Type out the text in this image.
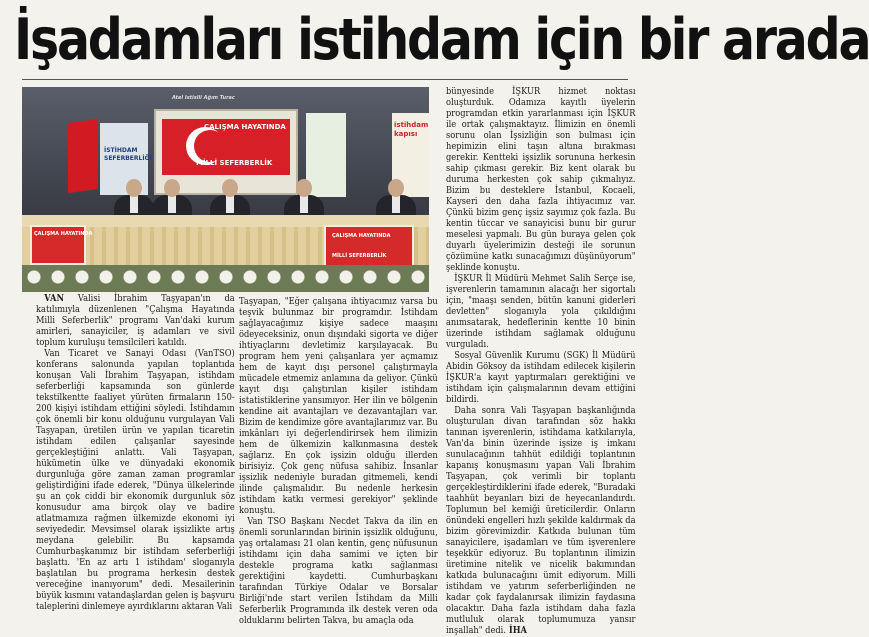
İşadamları istihdam için bir arada
İSTİHDAM SEFERBERLİĞİ
ÇALIŞMA HAYATINDA
MİLLİ SEFERBERLİK
istihdam kapısı
ÇALIŞMA HAYATINDA	ÇALIŞMA HAYATINDA
MİLLİ SEFERBERLİK
Atel Istislli Ağım Turac

VAN Valisi İbrahim Taşyapan'ın da katılımıyla düzenlenen "Çalışma Hayatında Milli Seferberlik" programı Van'daki kurum amirleri, sanayiciler, iş adamları ve sivil toplum kuruluşu temsilcileri katıldı.

Van Ticaret ve Sanayi Odası (VanTSO) konferans salonunda yapılan toplantıda konuşan Vali İbrahim Taşyapan, istihdam seferberliği kapsamında son günlerde tekstilkentte faaliyet yürüten firmaların 150-200 kişiyi istihdam ettiğini söyledi. İstihdamın çok önemli bir konu olduğunu vurgulayan Vali Taşyapan, üretilen ürün ve yapılan ticaretin istihdam edilen çalışanlar sayesinde gerçekleştiğini anlattı. Vali Taşyapan, hükümetin ülke ve dünyadaki ekonomik durgunluğa göre zaman zaman programlar geliştirdiğini ifade ederek, "Dünya ülkelerinde şu an çok ciddi bir ekonomik durgunluk söz konusudur ama birçok olay ve badire atlatmamıza rağmen ülkemizde ekonomi iyi seviyededir. Mevsimsel olarak işsizlikte artış meydana gelebilir. Bu kapsamda Cumhurbaşkanımız bir istihdam seferberliği başlattı. 'En az artı 1 istihdam' sloganıyla başlatılan bu programa herkesin destek vereceğine inanıyorum" dedi. Mesailerinin büyük kısmını vatandaşlardan gelen iş başvuru taleplerini dinlemeye ayırdıklarını aktaran Vali

Taşyapan, "Eğer çalışana ihtiyacımız varsa bu teşvik bulunmaz bir programdır. İstihdam sağlayacağımız kişiye sadece maaşını ödeyeceksiniz, onun dışındaki sigorta ve diğer ihtiyaçlarını devletimiz karşılayacak. Bu program hem yeni çalışanlara yer açmamız hem de kayıt dışı personel çalıştırmayla mücadele etmemiz anlamına da geliyor. Çünkü kayıt dışı çalıştırılan kişiler istihdam istatistiklerine yansımıyor. Her ilin ve bölgenin kendine ait avantajları ve dezavantajları var. Bizim de kendimize göre avantajlarımız var. Bu imkânları iyi değerlendirirsek hem ilimizin hem de ülkemizin kalkınmasına destek sağlarız. En çok işsizin olduğu illerden birisiyiz. Çok genç nüfusa sahibiz. İnsanlar işsizlik nedeniyle buradan gitmemeli, kendi ilinde çalışmalıdır. Bu nedenle herkesin istihdam katkı vermesi gerekiyor" şeklinde konuştu.

Van TSO Başkanı Necdet Takva da ilin en önemli sorunlarından birinin işsizlik olduğunu, yaş ortalaması 21 olan kentin, genç nüfusunun istihdamı için daha samimi ve içten bir destekle programa katkı sağlanması gerektiğini kaydetti. Cumhurbaşkanı tarafından Türkiye Odalar ve Borsalar Birliği'nde start verilen İstihdam da Milli Seferberlik Programında ilk destek veren oda olduklarını belirten Takva, bu amaçla oda

bünyesinde İŞKUR hizmet noktası oluşturduk. Odamıza kayıtlı üyelerin programdan etkin yararlanması için İŞKUR ile ortak çalışmaktayız. İlimizin en önemli sorunu olan İşsizliğin son bulması için hepimizin elini taşın altına bırakması gerekir. Kentteki işsizlik sorununa herkesin sahip çıkması gerekir. Biz kent olarak bu duruma herkesten çok sahip çıkmalıyız. Bizim bu desteklere İstanbul, Kocaeli, Kayseri den daha fazla ihtiyacımız var. Çünkü bizim genç işsiz sayımız çok fazla. Bu kentin tüccar ve sanayicisi bunu bir gurur meselesi yapmalı. Bu gün buraya gelen çok duyarlı üyelerimizin desteği ile sorunun çözümüne katkı sunacağımızı düşünüyorum" şeklinde konuştu.

İŞKUR İl Müdürü Mehmet Salih Serçe ise, işverenlerin tamamının alacağı her sigortalı için, "maaşı senden, bütün kanuni giderleri devletten" sloganıyla yola çıkıldığını anımsatarak, hedeflerinin kentte 10 binin üzerinde istihdam sağlamak olduğunu vurguladı.

Sosyal Güvenlik Kurumu (SGK) İl Müdürü Abidin Göksoy da istihdam edilecek kişilerin İŞKUR'a kayıt yaptırmaları gerektiğini ve istihdam için çalışmalarının devam ettiğini bildirdi.

Daha sonra Vali Taşyapan başkanlığında oluşturulan divan tarafından söz hakkı tanınan işverenlerin, istihdama katkılarıyla, Van'da binin üzerinde işsize iş imkanı sunulacağının tahhüt edildiği toplantının kapanış konuşmasını yapan Vali İbrahim Taşyapan, çok verimli bir toplantı gerçekleştirdiklerini ifade ederek, "Buradaki taahhüt beyanları bizi de heyecanlandırdı. Toplumun bel kemiği üreticilerdir. Onların önündeki engelleri hızlı şekilde kaldırmak da bizim görevimizdir. Katkıda bulunan tüm sanayicilere, işadamları ve tüm işverenlere teşekkür ediyoruz. Bu toplantının ilimizin üretimine nitelik ve nicelik bakımından katkıda bulunacağını ümit ediyorum. Milli istihdam ve yatırım seferberliğinden ne kadar çok faydalanırsak ilimizin faydasına olacaktır. Daha fazla istihdam daha fazla mutluluk olarak toplumumuza yansır inşallah" dedi. İHA
